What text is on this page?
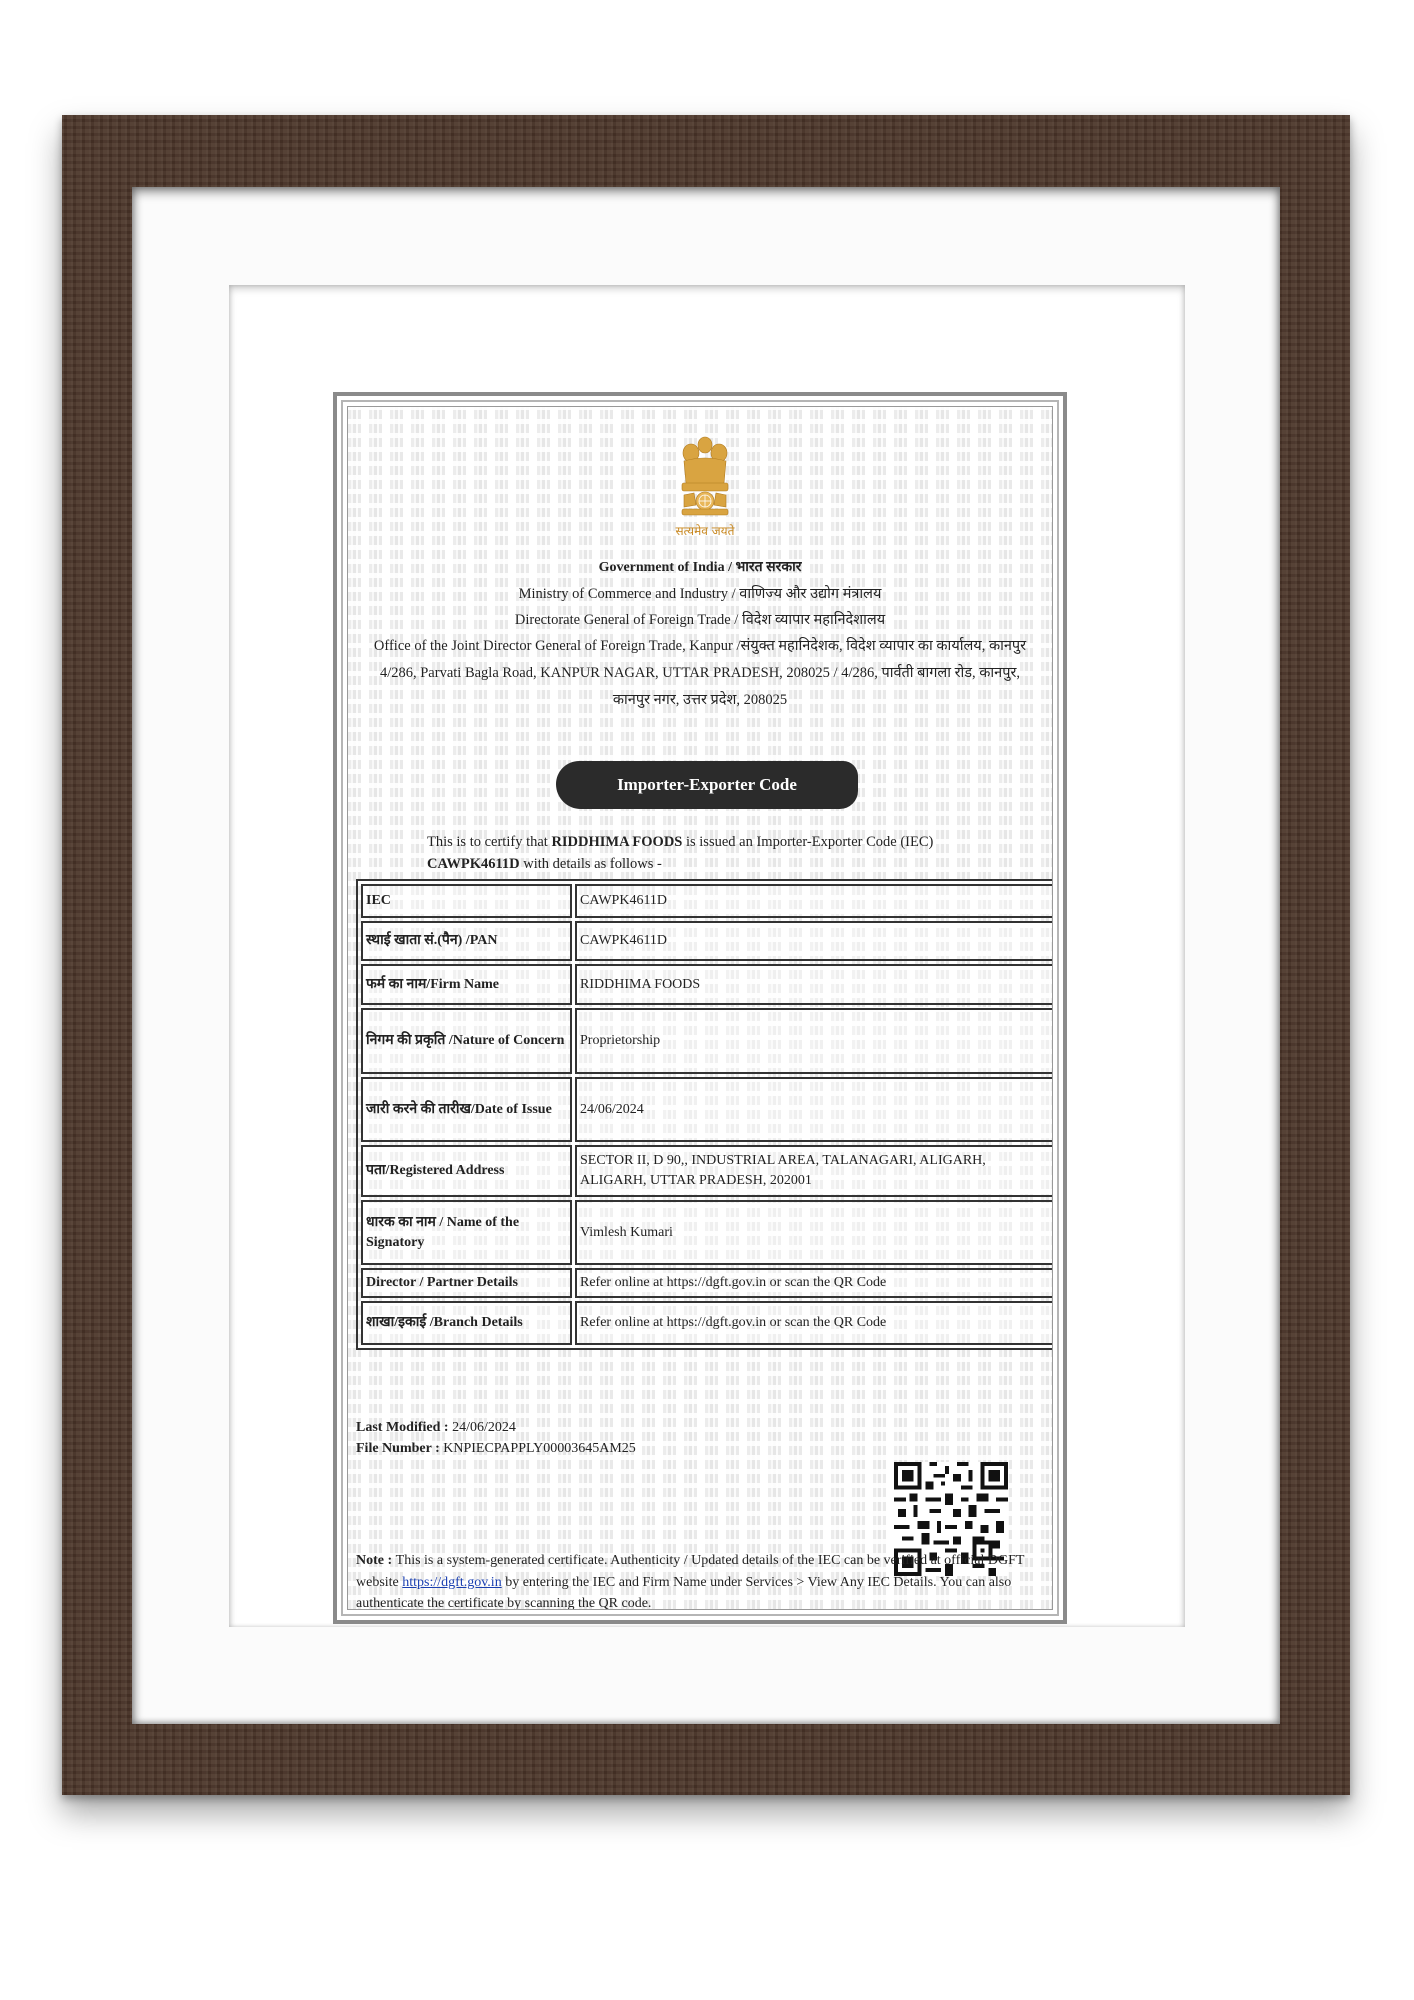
सत्यमेव जयते
Government of India / भारत सरकार
Ministry of Commerce and Industry / वाणिज्य और उद्योग मंत्रालय
Directorate General of Foreign Trade / विदेश व्यापार महानिदेशालय
Office of the Joint Director General of Foreign Trade, Kanpur /संयुक्त महानिदेशक, विदेश व्यापार का कार्यालय, कानपुर
4/286, Parvati Bagla Road, KANPUR NAGAR, UTTAR PRADESH, 208025 / 4/286, पार्वती बागला रोड, कानपुर,
कानपुर नगर, उत्तर प्रदेश, 208025
Importer-Exporter Code
This is to certify that RIDDHIMA FOODS is issued an Importer-Exporter Code (IEC)
CAWPK4611D with details as follows -
IEC	CAWPK4611D
स्थाई खाता सं.(पैन) /PAN	CAWPK4611D
फर्म का नाम/Firm Name	RIDDHIMA FOODS
निगम की प्रकृति /Nature of Concern	Proprietorship
जारी करने की तारीख/Date of Issue	24/06/2024
पता/Registered Address	SECTOR II, D 90,, INDUSTRIAL AREA, TALANAGARI, ALIGARH, ALIGARH, UTTAR PRADESH, 202001
धारक का नाम / Name of the Signatory	Vimlesh Kumari
Director / Partner Details	Refer online at https://dgft.gov.in or scan the QR Code
शाखा/इकाई /Branch Details	Refer online at https://dgft.gov.in or scan the QR Code
Last Modified : 24/06/2024
File Number : KNPIECPAPPLY00003645AM25
Note : This is a system-generated certificate. Authenticity / Updated details of the IEC can be verified at official DGFT website https://dgft.gov.in by entering the IEC and Firm Name under Services > View Any IEC Details. You can also authenticate the certificate by scanning the QR code.
